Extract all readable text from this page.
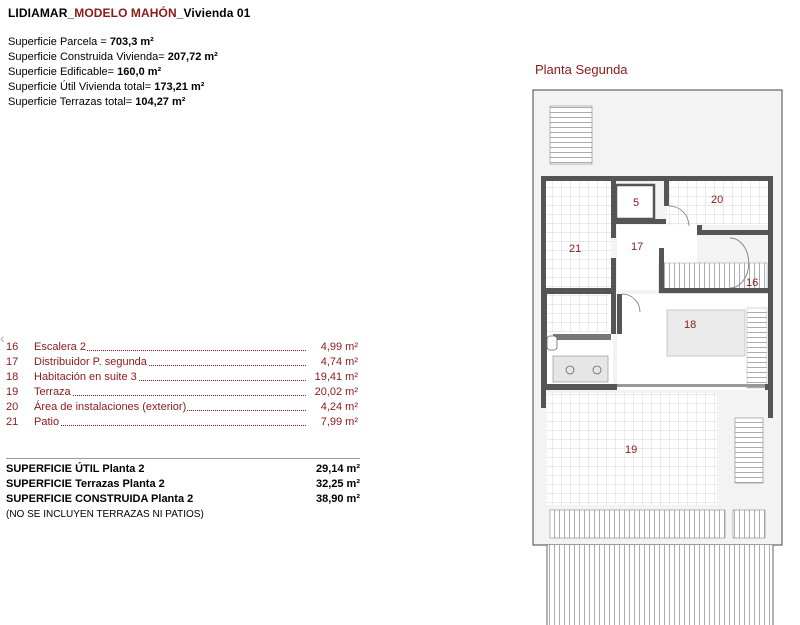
LIDIAMAR_MODELO MAHÓN_Vivienda 01
Superficie Parcela = 703,3 m²
Superficie Construida Vivienda= 207,72 m²
Superficie Edificable= 160,0 m²
Superficie Útil Vivienda total= 173,21 m²
Superficie Terrazas total= 104,27 m²
‹
16	Escalera 2	4,99 m²
17	Distribuidor P. segunda	4,74 m²
18	Habitación en suite 3	19,41 m²
19	Terraza	20,02 m²
20	Área de instalaciones (exterior)	4,24 m²
21	Patio	7,99 m²
SUPERFICIE ÚTIL Planta 2	29,14 m²
SUPERFICIE Terrazas Planta 2	32,25 m²
SUPERFICIE CONSTRUIDA Planta 2	38,90 m²
(NO SE INCLUYEN TERRAZAS NI PATIOS)
Planta Segunda
5	20
21	17
16
18
19
